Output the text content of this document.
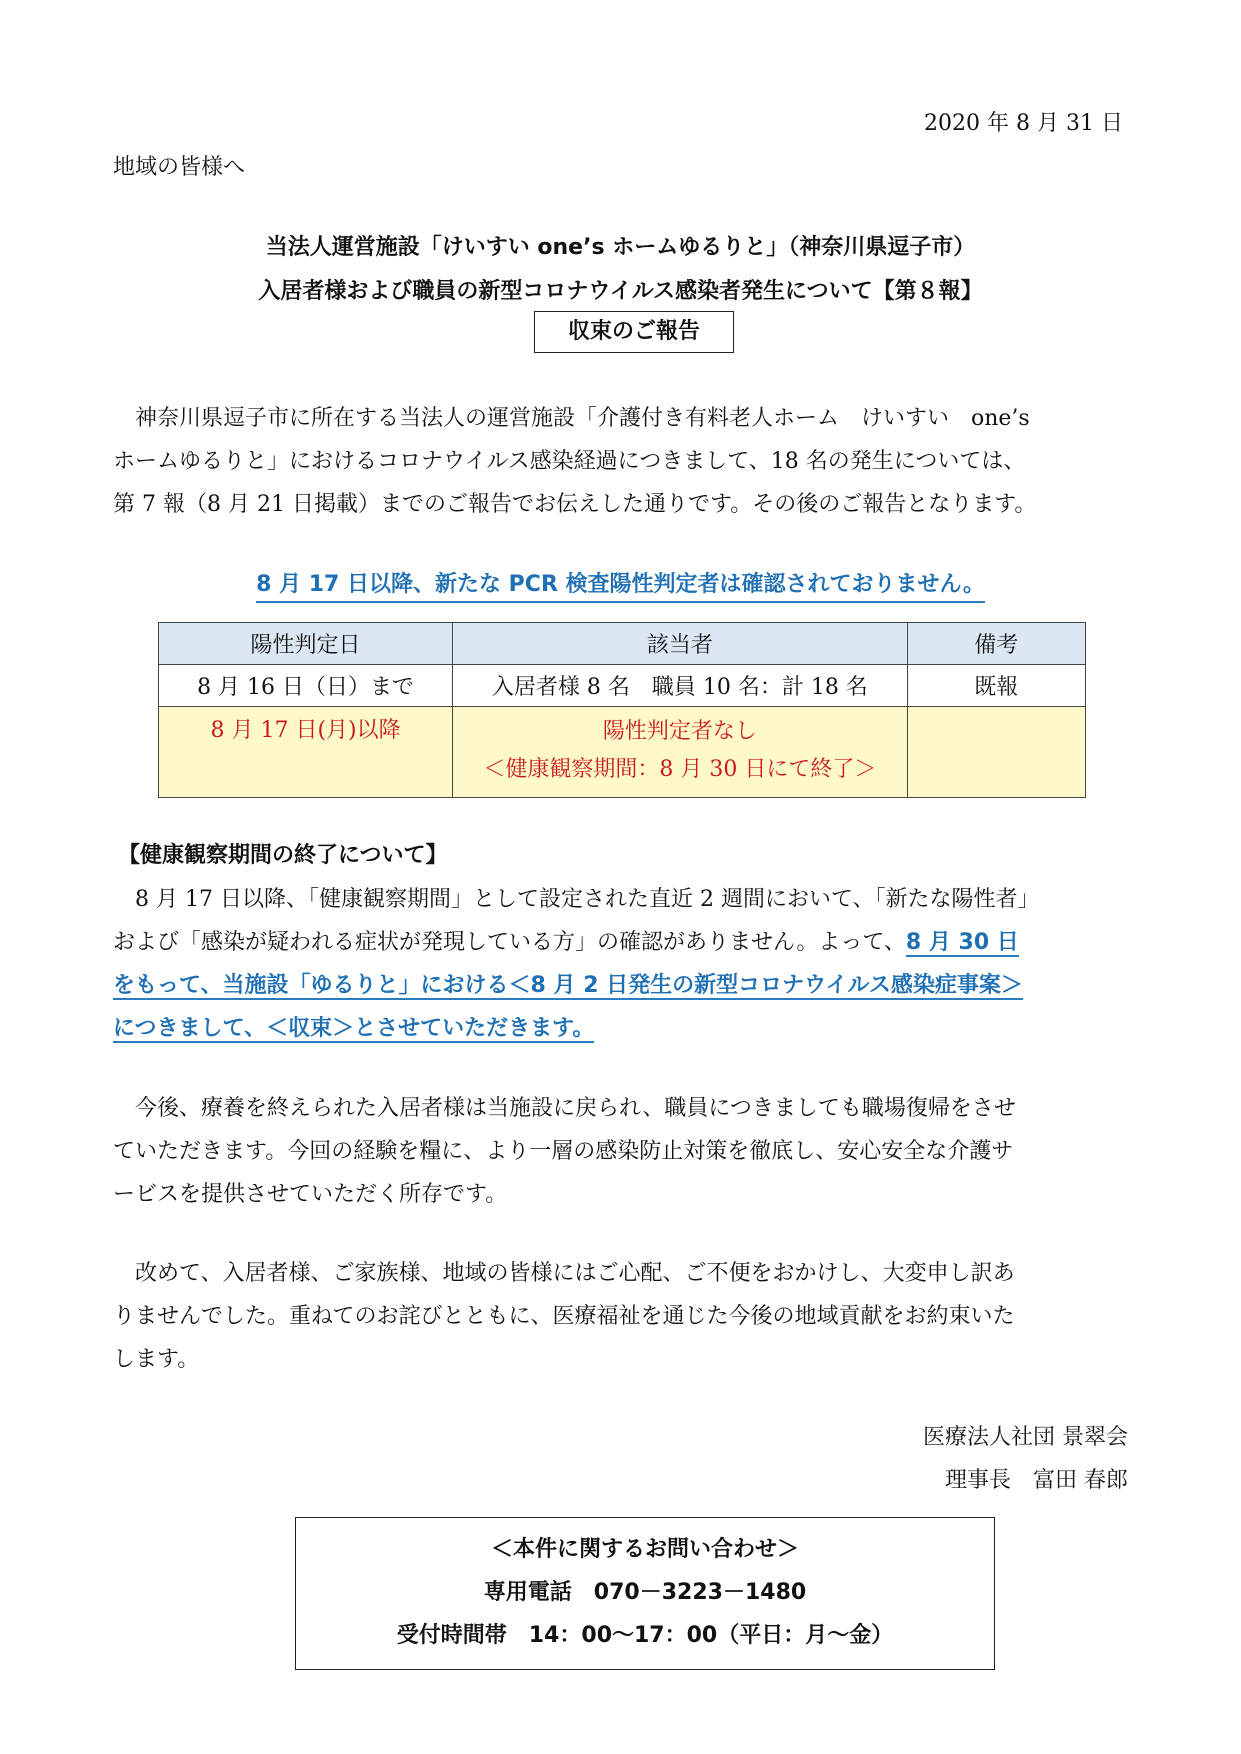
2020 年 8 月 31 日
地域の皆様へ
当法人運営施設「けいすい one’s ホームゆるりと」（神奈川県逗子市）
入居者様および職員の新型コロナウイルス感染者発生について【第８報】
収束のご報告
神奈川県逗子市に所在する当法人の運営施設「介護付き有料老人ホーム　けいすい　one’s
ホームゆるりと」におけるコロナウイルス感染経過につきまして、18 名の発生については、
第 7 報（8 月 21 日掲載）までのご報告でお伝えした通りです。その後のご報告となります。
8 月 17 日以降、新たな PCR 検査陽性判定者は確認されておりません。
陽性判定日	該当者	備考
8 月 16 日（日）まで	入居者様 8 名　職員 10 名：計 18 名	既報
8 月 17 日(月)以降	陽性判定者なし
＜健康観察期間：8 月 30 日にて終了＞	

【健康観察期間の終了について】
8 月 17 日以降、「健康観察期間」として設定された直近 2 週間において、「新たな陽性者」
および「感染が疑われる症状が発現している方」の確認がありません。よって、8 月 30 日
をもって、当施設「ゆるりと」における＜8 月 2 日発生の新型コロナウイルス感染症事案＞
につきまして、＜収束＞とさせていただきます。
今後、療養を終えられた入居者様は当施設に戻られ、職員につきましても職場復帰をさせ
ていただきます。今回の経験を糧に、より一層の感染防止対策を徹底し、安心安全な介護サ
ービスを提供させていただく所存です。
改めて、入居者様、ご家族様、地域の皆様にはご心配、ご不便をおかけし、大変申し訳あ
りませんでした。重ねてのお詫びとともに、医療福祉を通じた今後の地域貢献をお約束いた
します。
医療法人社団 景翠会
理事長　富田 春郎
＜本件に関するお問い合わせ＞
専用電話　070－3223－1480
受付時間帯　14：00～17：00（平日：月～金）
